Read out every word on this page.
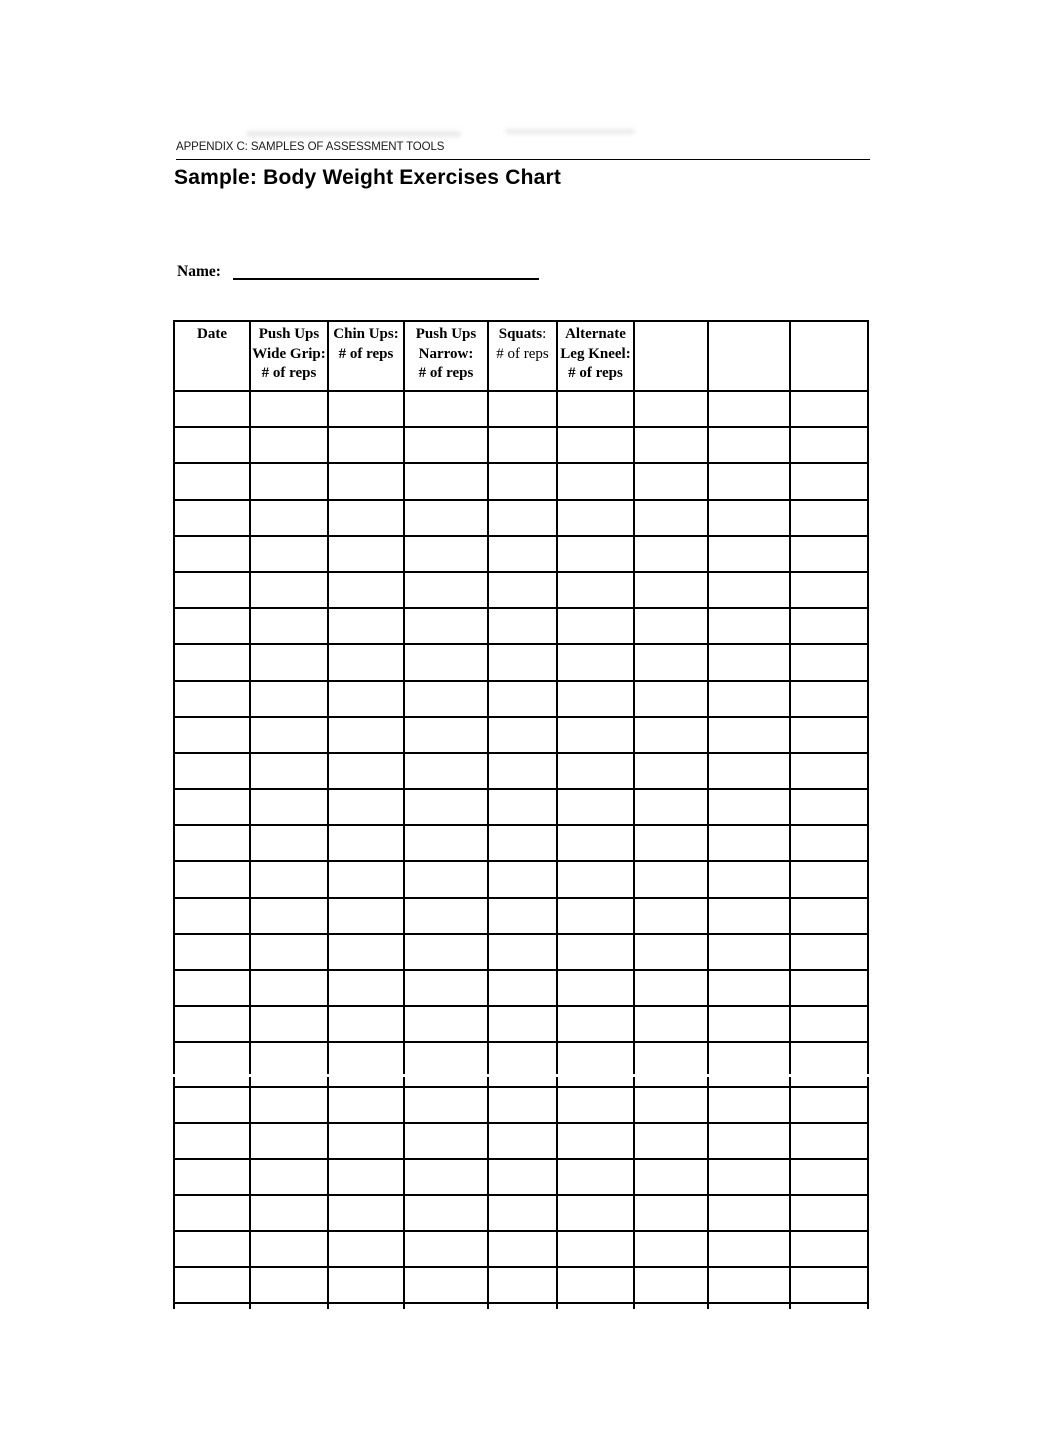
APPENDIX C: SAMPLES OF ASSESSMENT TOOLS
Sample: Body Weight Exercises Chart
Name:
Date	Push Ups
Wide Grip:
# of reps
Chin Ups:
# of reps
Push Ups
Narrow:
# of reps
Squats:
# of reps
Alternate
Leg Kneel:
# of reps
